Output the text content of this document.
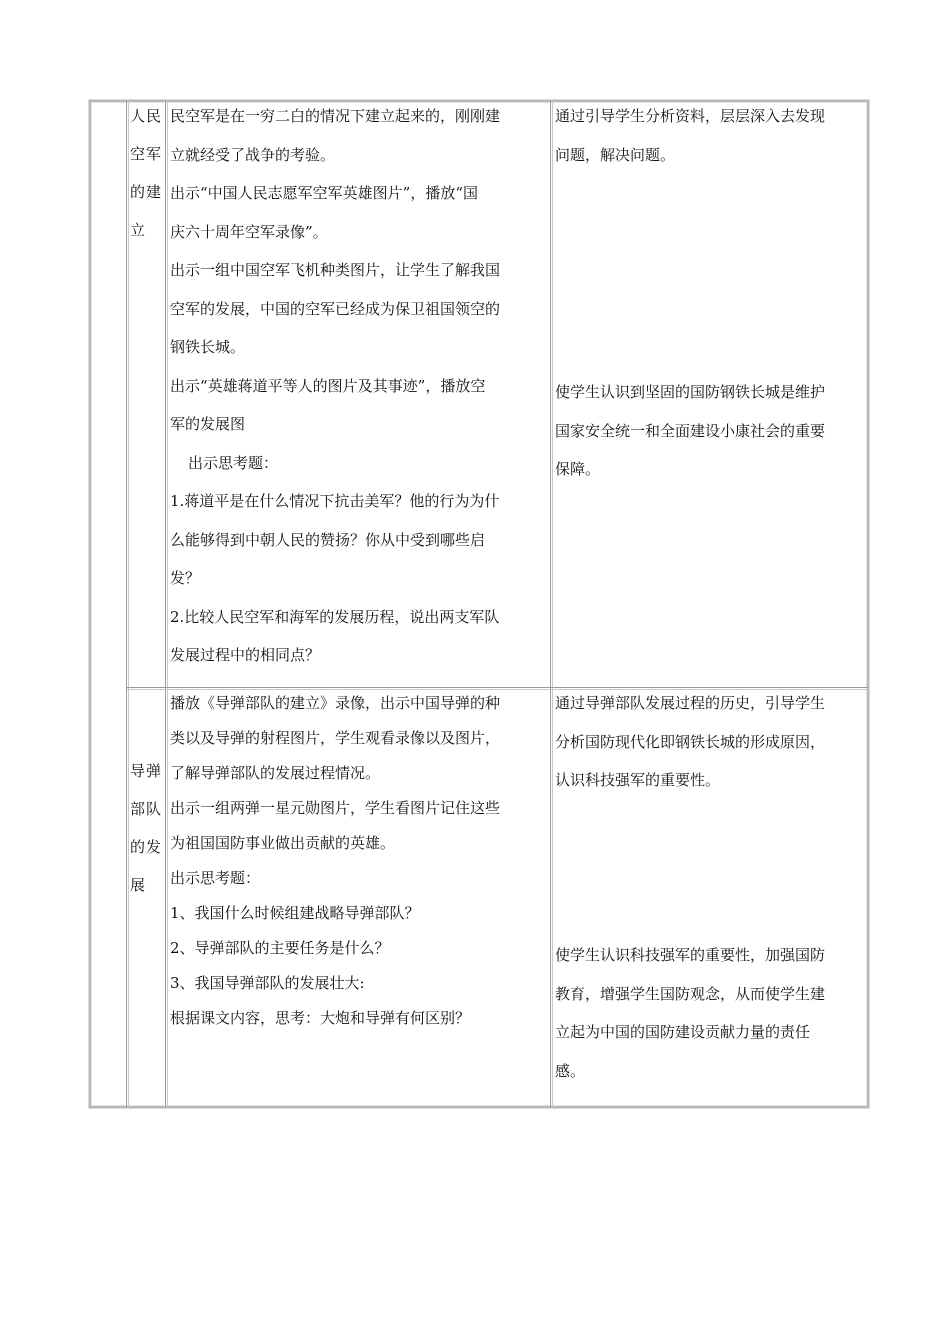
人民
空军
的建
立

民空军是在一穷二白的情况下建立起来的，刚刚建

立就经受了战争的考验。

出示“中国人民志愿军空军英雄图片”，播放“国

庆六十周年空军录像”。

出示一组中国空军飞机种类图片，让学生了解我国

空军的发展，中国的空军已经成为保卫祖国领空的

钢铁长城。

出示“英雄蒋道平等人的图片及其事迹”，播放空

军的发展图

出示思考题：

1.蒋道平是在什么情况下抗击美军？他的行为为什

么能够得到中朝人民的赞扬？你从中受到哪些启

发？

2.比较人民空军和海军的发展历程，说出两支军队

发展过程中的相同点？

通过引导学生分析资料，层层深入去发现

问题，解决问题。

使学生认识到坚固的国防钢铁长城是维护

国家安全统一和全面建设小康社会的重要

保障。

导弹
部队
的发
展

播放《导弹部队的建立》录像，出示中国导弹的种

类以及导弹的射程图片，学生观看录像以及图片，

了解导弹部队的发展过程情况。

出示一组两弹一星元勋图片，学生看图片记住这些

为祖国国防事业做出贡献的英雄。

出示思考题：

1、我国什么时候组建战略导弹部队？

2、导弹部队的主要任务是什么？

3、我国导弹部队的发展壮大:

根据课文内容，思考：大炮和导弹有何区别？

通过导弹部队发展过程的历史，引导学生

分析国防现代化即钢铁长城的形成原因，

认识科技强军的重要性。

使学生认识科技强军的重要性，加强国防

教育，增强学生国防观念，从而使学生建

立起为中国的国防建设贡献力量的责任

感。
